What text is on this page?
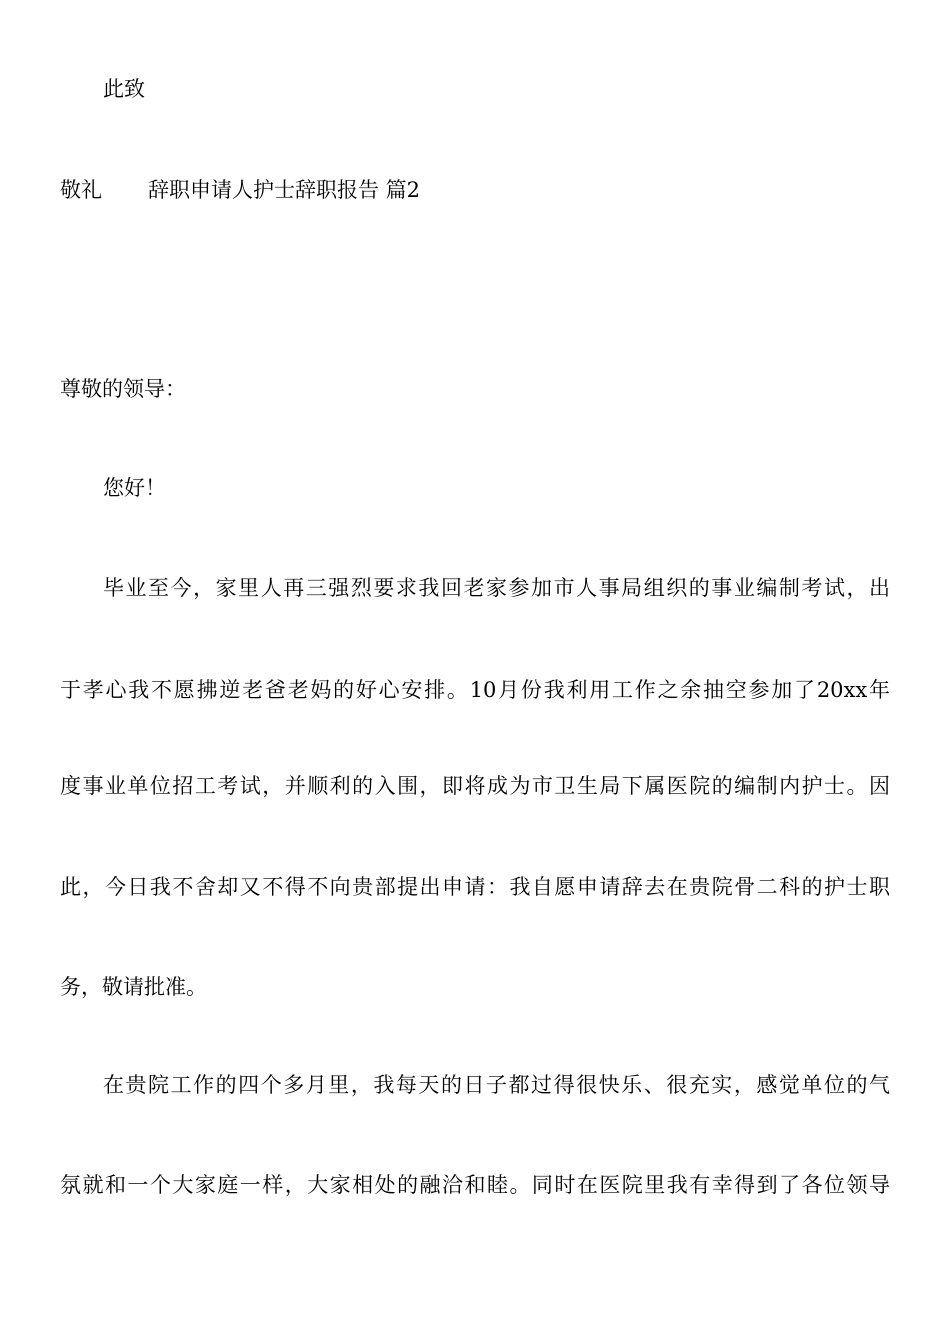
此致
敬礼	辞职申请人护士辞职报告 篇2
尊敬的领导：
您好！
毕业至今，家里人再三强烈要求我回老家参加市人事局组织的事业编制考试，出
于孝心我不愿拂逆老爸老妈的好心安排。10月份我利用工作之余抽空参加了20xx年
度事业单位招工考试，并顺利的入围，即将成为市卫生局下属医院的编制内护士。因
此，今日我不舍却又不得不向贵部提出申请：我自愿申请辞去在贵院骨二科的护士职
务，敬请批准。
在贵院工作的四个多月里，我每天的日子都过得很快乐、很充实，感觉单位的气
氛就和一个大家庭一样，大家相处的融洽和睦。同时在医院里我有幸得到了各位领导
